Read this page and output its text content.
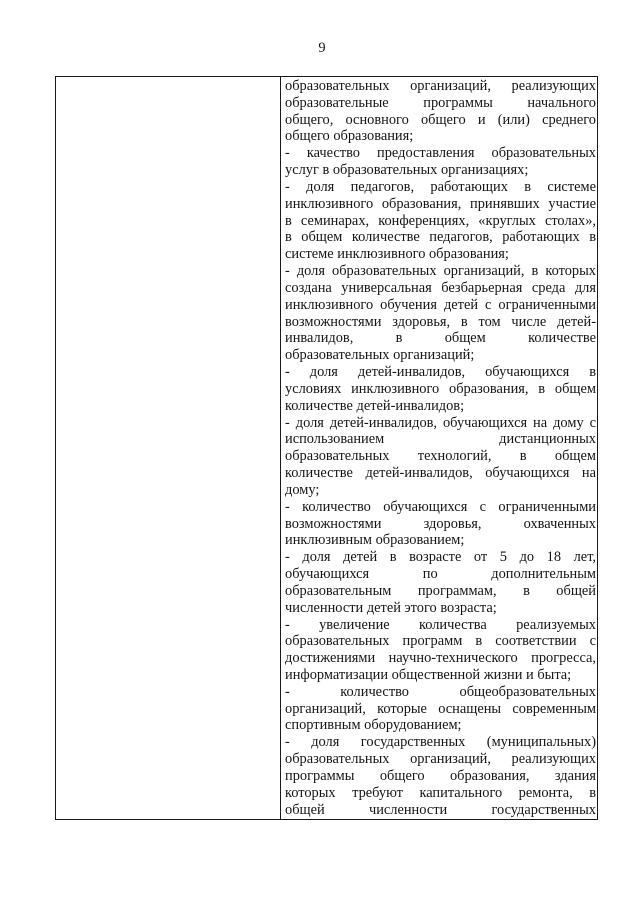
9
образовательных организаций, реализующих
образовательные программы начального
общего, основного общего и (или) среднего
общего образования;
- качество предоставления образовательных
услуг в образовательных организациях;
- доля педагогов, работающих в системе
инклюзивного образования, принявших участие
в семинарах, конференциях, «круглых столах»,
в общем количестве педагогов, работающих в
системе инклюзивного образования;
- доля образовательных организаций, в которых
создана универсальная безбарьерная среда для
инклюзивного обучения детей с ограниченными
возможностями здоровья, в том числе детей-
инвалидов, в общем количестве
образовательных организаций;
- доля детей-инвалидов, обучающихся в
условиях инклюзивного образования, в общем
количестве детей-инвалидов;
- доля детей-инвалидов, обучающихся на дому с
использованием дистанционных
образовательных технологий, в общем
количестве детей-инвалидов, обучающихся на
дому;
- количество обучающихся с ограниченными
возможностями здоровья, охваченных
инклюзивным образованием;
- доля детей в возрасте от 5 до 18 лет,
обучающихся по дополнительным
образовательным программам, в общей
численности детей этого возраста;
- увеличение количества реализуемых
образовательных программ в соответствии с
достижениями научно-технического прогресса,
информатизации общественной жизни и быта;
- количество общеобразовательных
организаций, которые оснащены современным
спортивным оборудованием;
- доля государственных (муниципальных)
образовательных организаций, реализующих
программы общего образования, здания
которых требуют капитального ремонта, в
общей численности государственных
